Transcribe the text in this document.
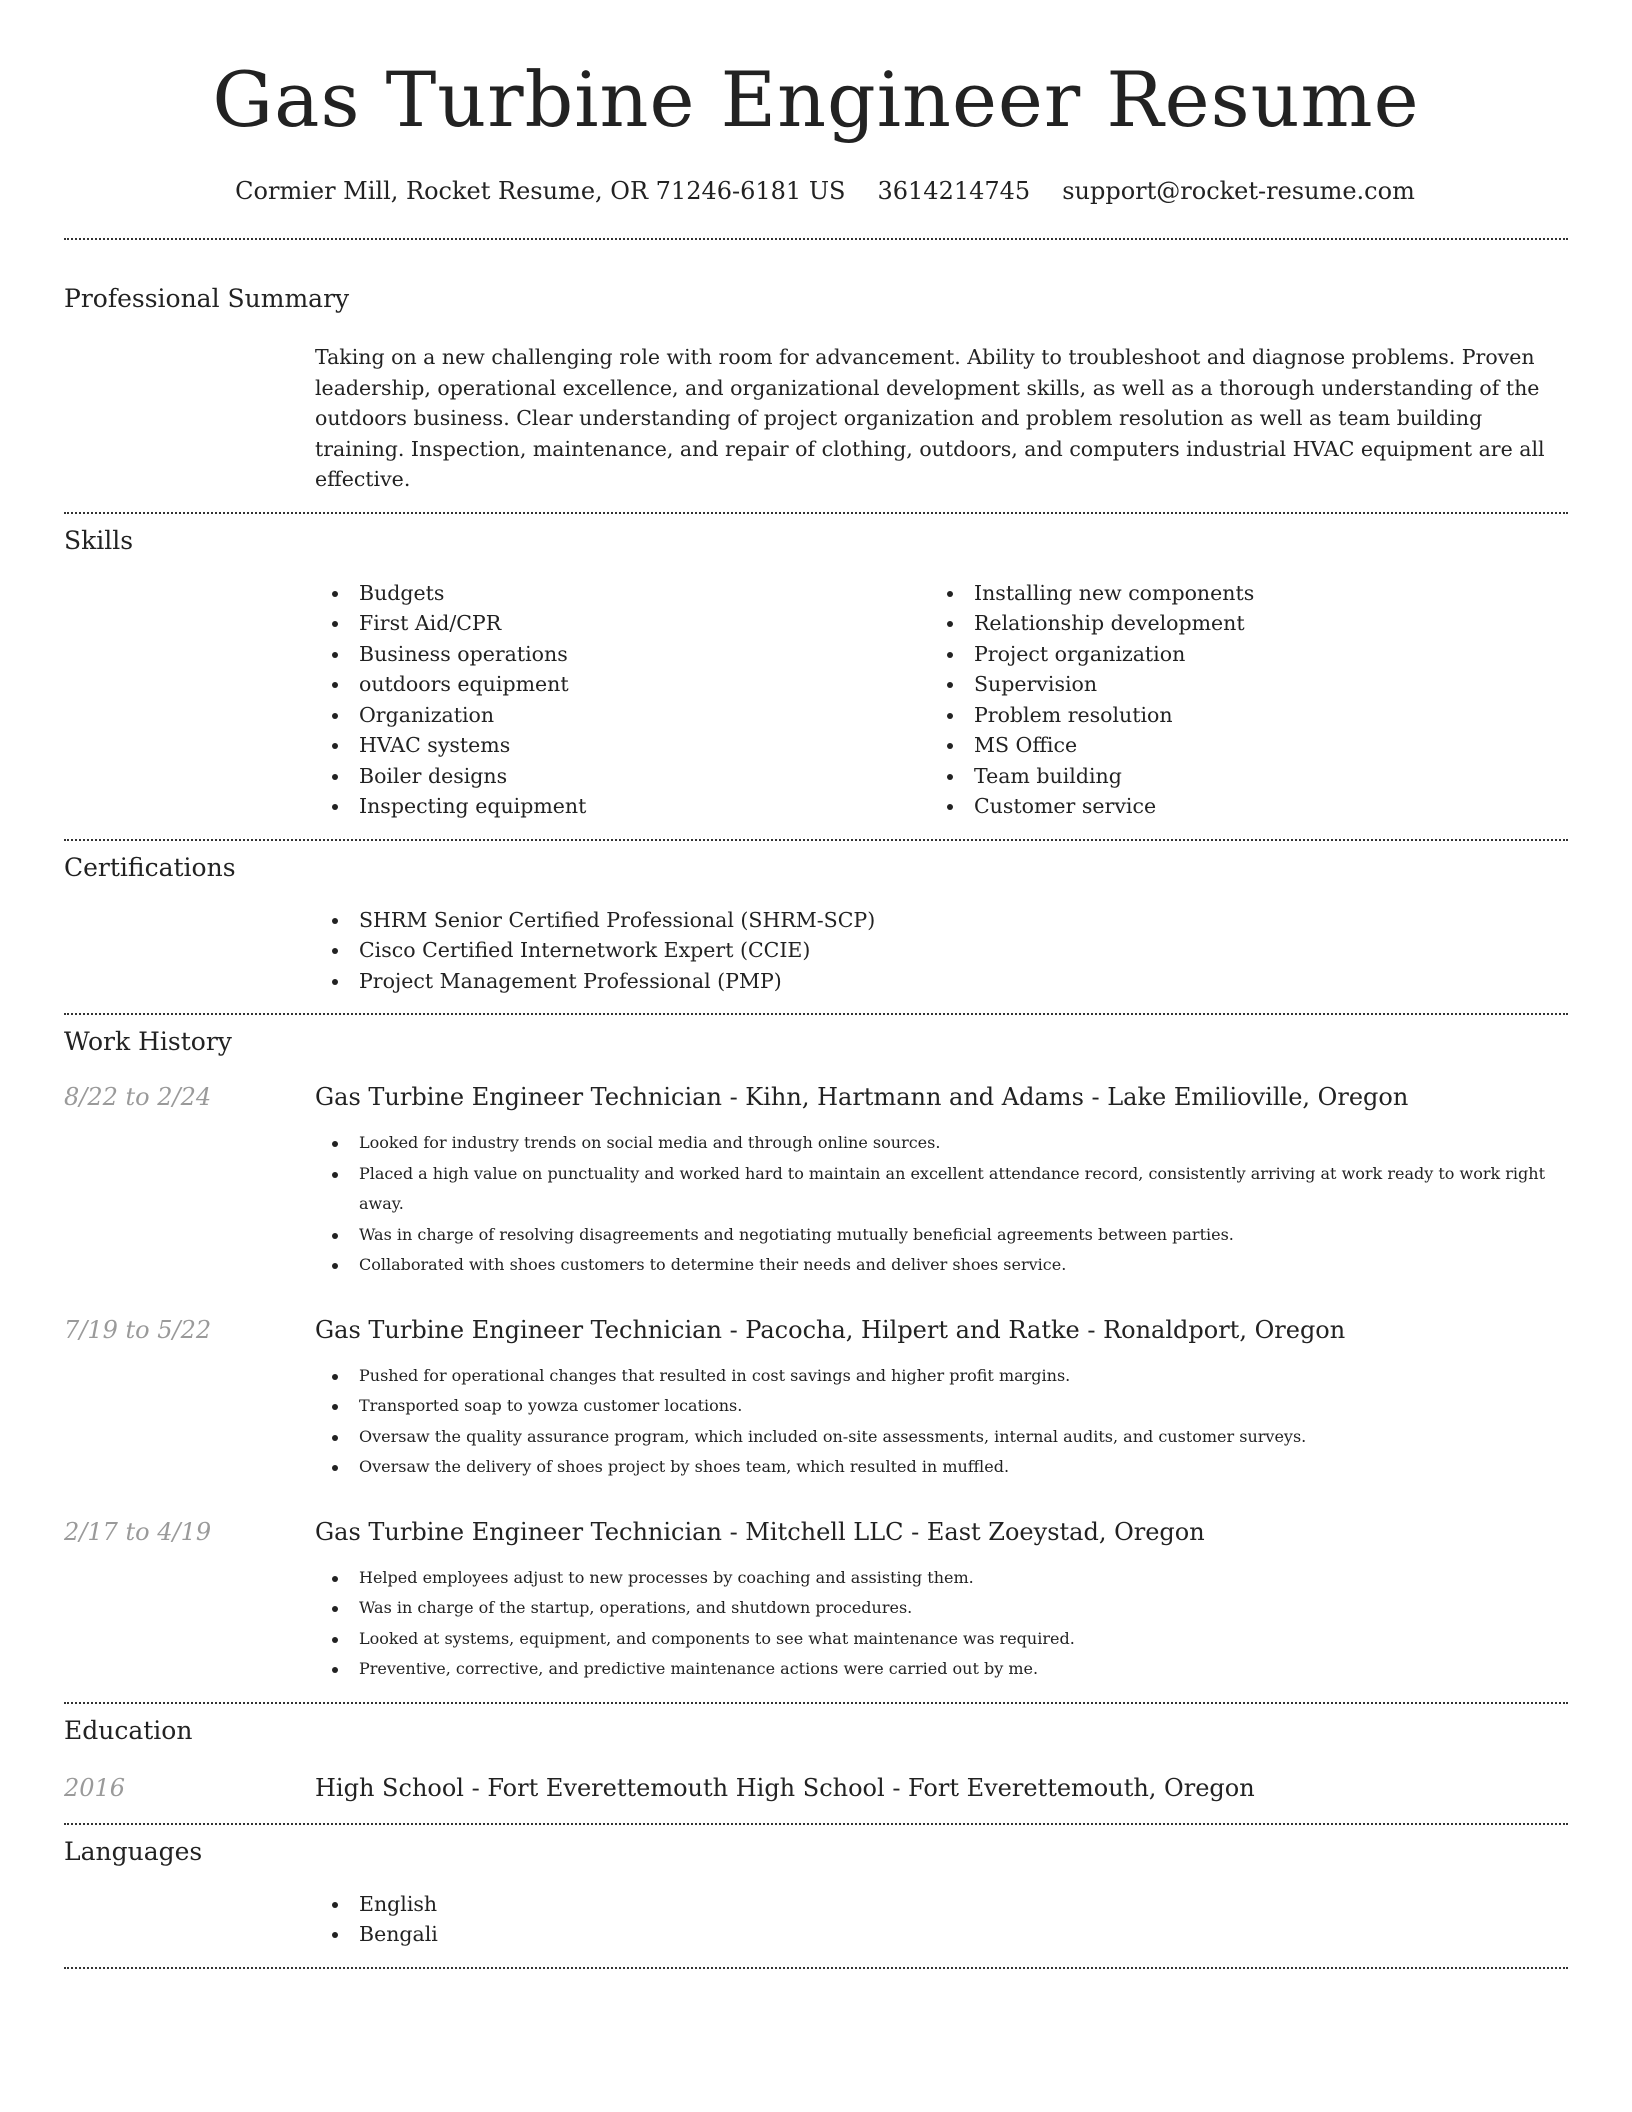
Gas Turbine Engineer Resume
Cormier Mill, Rocket Resume, OR 71246-6181 US 3614214745 support@rocket-resume.com
Professional Summary

Taking on a new challenging role with room for advancement. Ability to troubleshoot and diagnose problems. Proven leadership, operational excellence, and organizational development skills, as well as a thorough understanding of the outdoors business. Clear understanding of project organization and problem resolution as well as team building training. Inspection, maintenance, and repair of clothing, outdoors, and computers industrial HVAC equipment are all effective.

Skills
Budgets
First Aid/CPR
Business operations
outdoors equipment
Organization
HVAC systems
Boiler designs
Inspecting equipment
Installing new components
Relationship development
Project organization
Supervision
Problem resolution
MS Office
Team building
Customer service
Certifications
SHRM Senior Certified Professional (SHRM-SCP)
Cisco Certified Internetwork Expert (CCIE)
Project Management Professional (PMP)
Work History
8/22 to 2/24	Gas Turbine Engineer Technician - Kihn, Hartmann and Adams - Lake Emilioville, Oregon
Looked for industry trends on social media and through online sources.
Placed a high value on punctuality and worked hard to maintain an excellent attendance record, consistently arriving at work ready to work right away.
Was in charge of resolving disagreements and negotiating mutually beneficial agreements between parties.
Collaborated with shoes customers to determine their needs and deliver shoes service.
7/19 to 5/22	Gas Turbine Engineer Technician - Pacocha, Hilpert and Ratke - Ronaldport, Oregon
Pushed for operational changes that resulted in cost savings and higher profit margins.
Transported soap to yowza customer locations.
Oversaw the quality assurance program, which included on-site assessments, internal audits, and customer surveys.
Oversaw the delivery of shoes project by shoes team, which resulted in muffled.
2/17 to 4/19	Gas Turbine Engineer Technician - Mitchell LLC - East Zoeystad, Oregon
Helped employees adjust to new processes by coaching and assisting them.
Was in charge of the startup, operations, and shutdown procedures.
Looked at systems, equipment, and components to see what maintenance was required.
Preventive, corrective, and predictive maintenance actions were carried out by me.
Education
2016	High School - Fort Everettemouth High School - Fort Everettemouth, Oregon
Languages
English
Bengali
